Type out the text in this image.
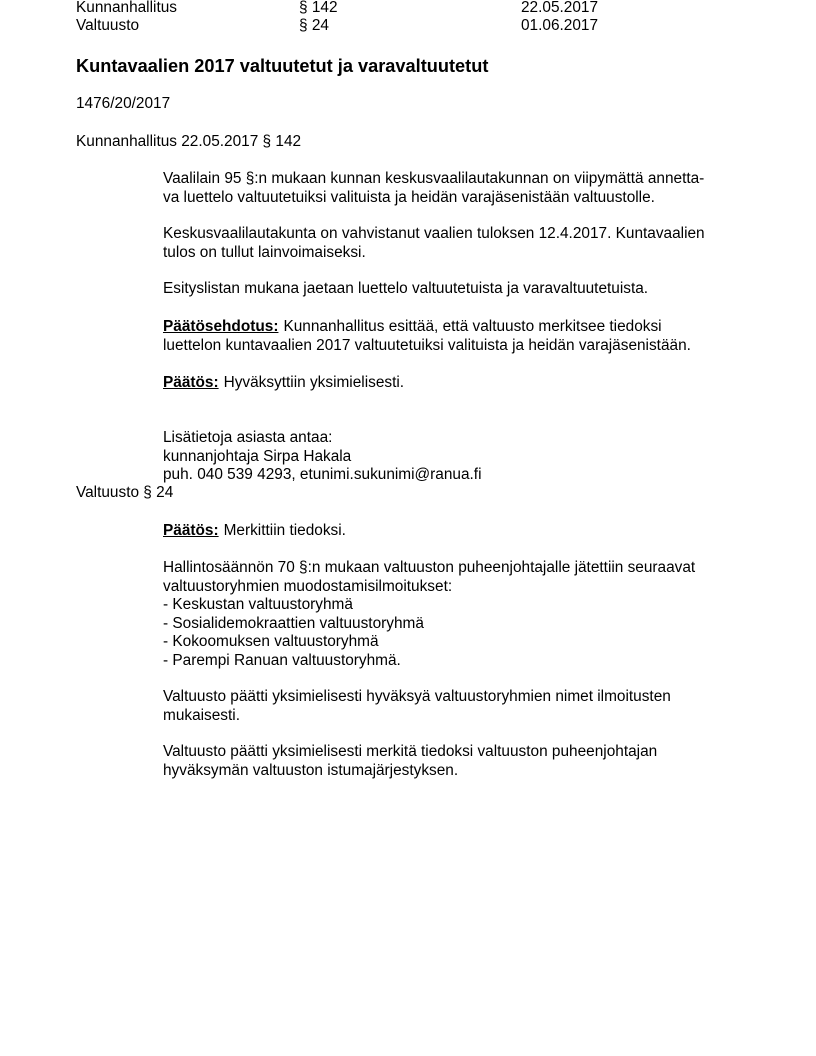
Kunnanhallitus	§ 142	22.05.2017
Valtuusto	§ 24	01.06.2017
Kuntavaalien 2017 valtuutetut ja varavaltuutetut
1476/20/2017
Kunnanhallitus 22.05.2017 § 142
Vaalilain 95 §:n mukaan kunnan keskusvaalilautakunnan on viipymättä annetta-
va luettelo valtuutetuiksi valituista ja heidän varajäsenistään valtuustolle.
Keskusvaalilautakunta on vahvistanut vaalien tuloksen 12.4.2017. Kuntavaalien
tulos on tullut lainvoimaiseksi.
Esityslistan mukana jaetaan luettelo valtuutetuista ja varavaltuutetuista.
Päätösehdotus: Kunnanhallitus esittää, että valtuusto merkitsee tiedoksi
luettelon kuntavaalien 2017 valtuutetuiksi valituista ja heidän varajäsenistään.
Päätös: Hyväksyttiin yksimielisesti.
Lisätietoja asiasta antaa:
kunnanjohtaja Sirpa Hakala
puh. 040 539 4293, etunimi.sukunimi@ranua.fi
Valtuusto § 24
Päätös: Merkittiin tiedoksi.
Hallintosäännön 70 §:n mukaan valtuuston puheenjohtajalle jätettiin seuraavat
valtuustoryhmien muodostamisilmoitukset:
- Keskustan valtuustoryhmä
- Sosialidemokraattien valtuustoryhmä
- Kokoomuksen valtuustoryhmä
- Parempi Ranuan valtuustoryhmä.
Valtuusto päätti yksimielisesti hyväksyä valtuustoryhmien nimet ilmoitusten
mukaisesti.
Valtuusto päätti yksimielisesti merkitä tiedoksi valtuuston puheenjohtajan
hyväksymän valtuuston istumajärjestyksen.
